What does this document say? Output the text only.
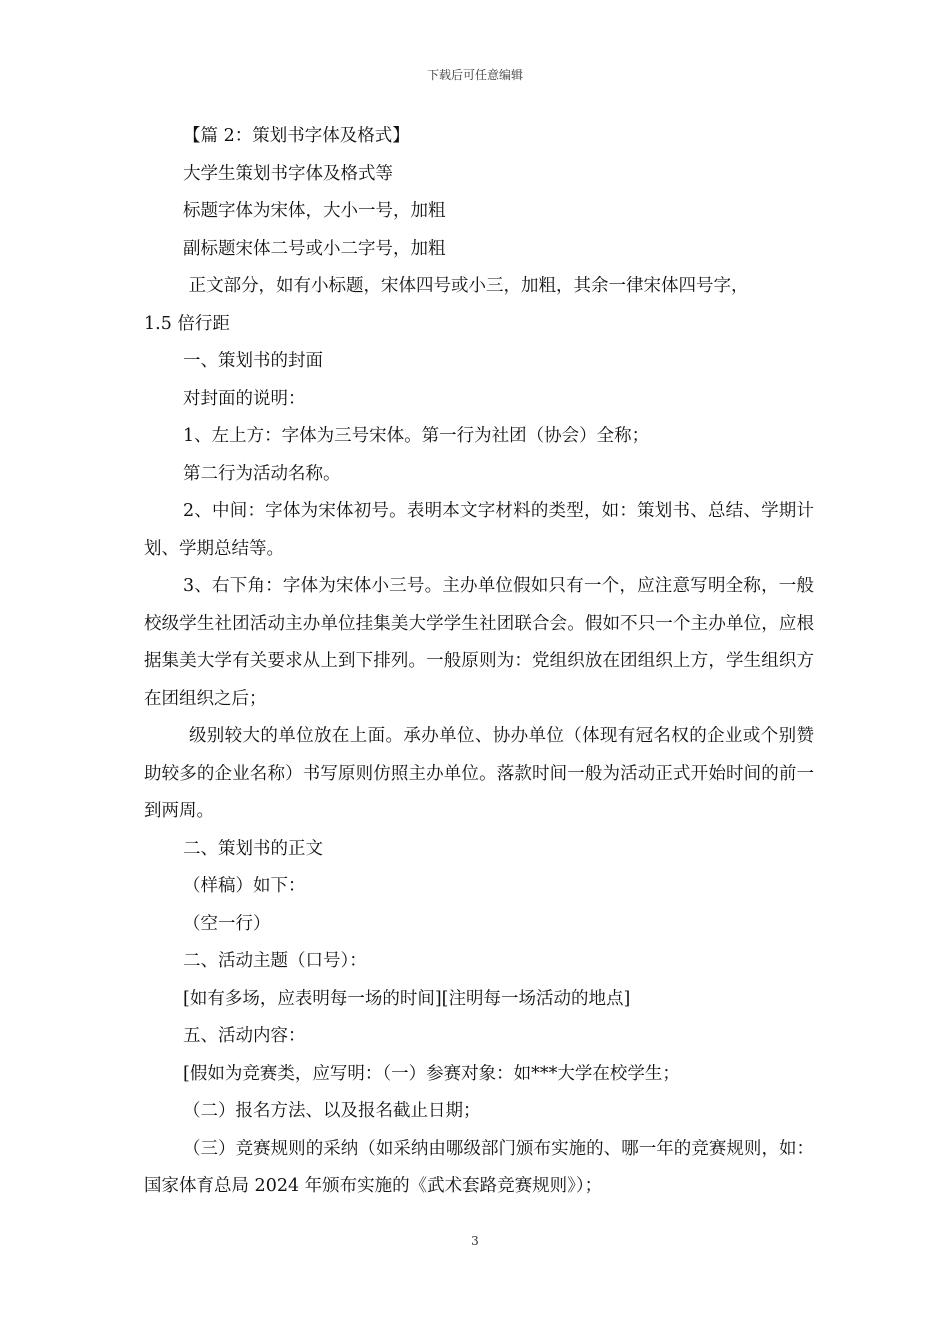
下载后可任意编辑

【篇 2：策划书字体及格式】

大学生策划书字体及格式等

标题字体为宋体，大小一号，加粗

副标题宋体二号或小二字号，加粗

正文部分，如有小标题，宋体四号或小三，加粗，其余一律宋体四号字，

1.5 倍行距

一、策划书的封面

对封面的说明：

1、左上方：字体为三号宋体。第一行为社团（协会）全称；

第二行为活动名称。

2、中间：字体为宋体初号。表明本文字材料的类型，如：策划书、总结、学期计划、学期总结等。

3、右下角：字体为宋体小三号。主办单位假如只有一个，应注意写明全称，一般校级学生社团活动主办单位挂集美大学学生社团联合会。假如不只一个主办单位，应根据集美大学有关要求从上到下排列。一般原则为：党组织放在团组织上方，学生组织方在团组织之后；

级别较大的单位放在上面。承办单位、协办单位（体现有冠名权的企业或个别赞助较多的企业名称）书写原则仿照主办单位。落款时间一般为活动正式开始时间的前一到两周。

二、策划书的正文

（样稿）如下：

（空一行）

二、活动主题（口号）：

[如有多场，应表明每一场的时间][注明每一场活动的地点]

五、活动内容：

[假如为竞赛类，应写明：（一）参赛对象：如***大学在校学生；

（二）报名方法、以及报名截止日期；

（三）竞赛规则的采纳（如采纳由哪级部门颁布实施的、哪一年的竞赛规则，如：国家体育总局 2024 年颁布实施的《武术套路竞赛规则》）；

3
